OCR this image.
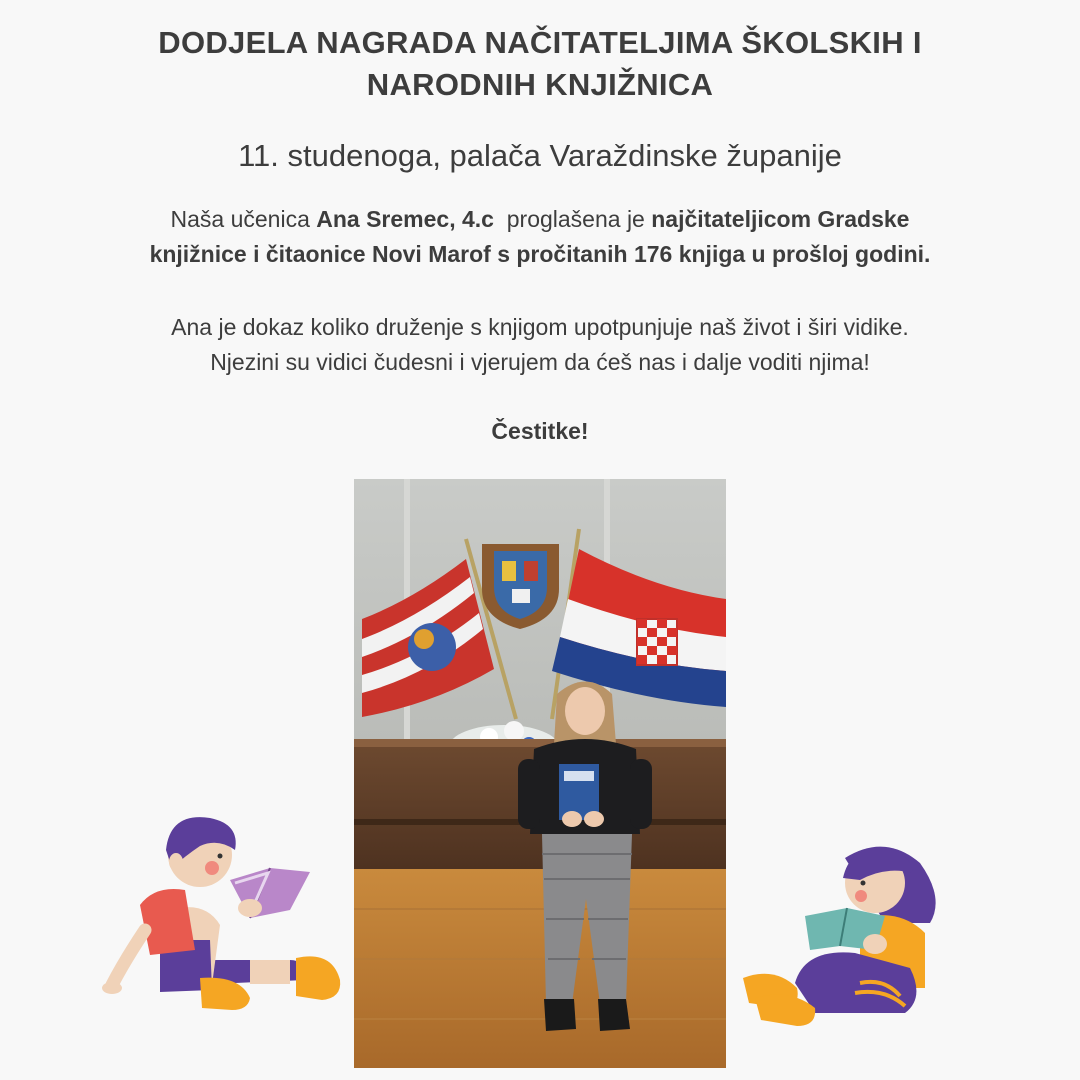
DODJELA NAGRADA NAČITATELJIMA ŠKOLSKIH I
NARODNIH KNJIŽNICA

11. studenoga, palača Varaždinske županije

Naša učenica Ana Sremec, 4.c  proglašena je najčitateljicom Gradske
knjižnice i čitaonice Novi Marof s pročitanih 176 knjiga u prošloj godini.

Ana je dokaz koliko druženje s knjigom upotpunjuje naš život i širi vidike.
Njezini su vidici čudesni i vjerujem da ćeš nas i dalje voditi njima!

Čestitke!
